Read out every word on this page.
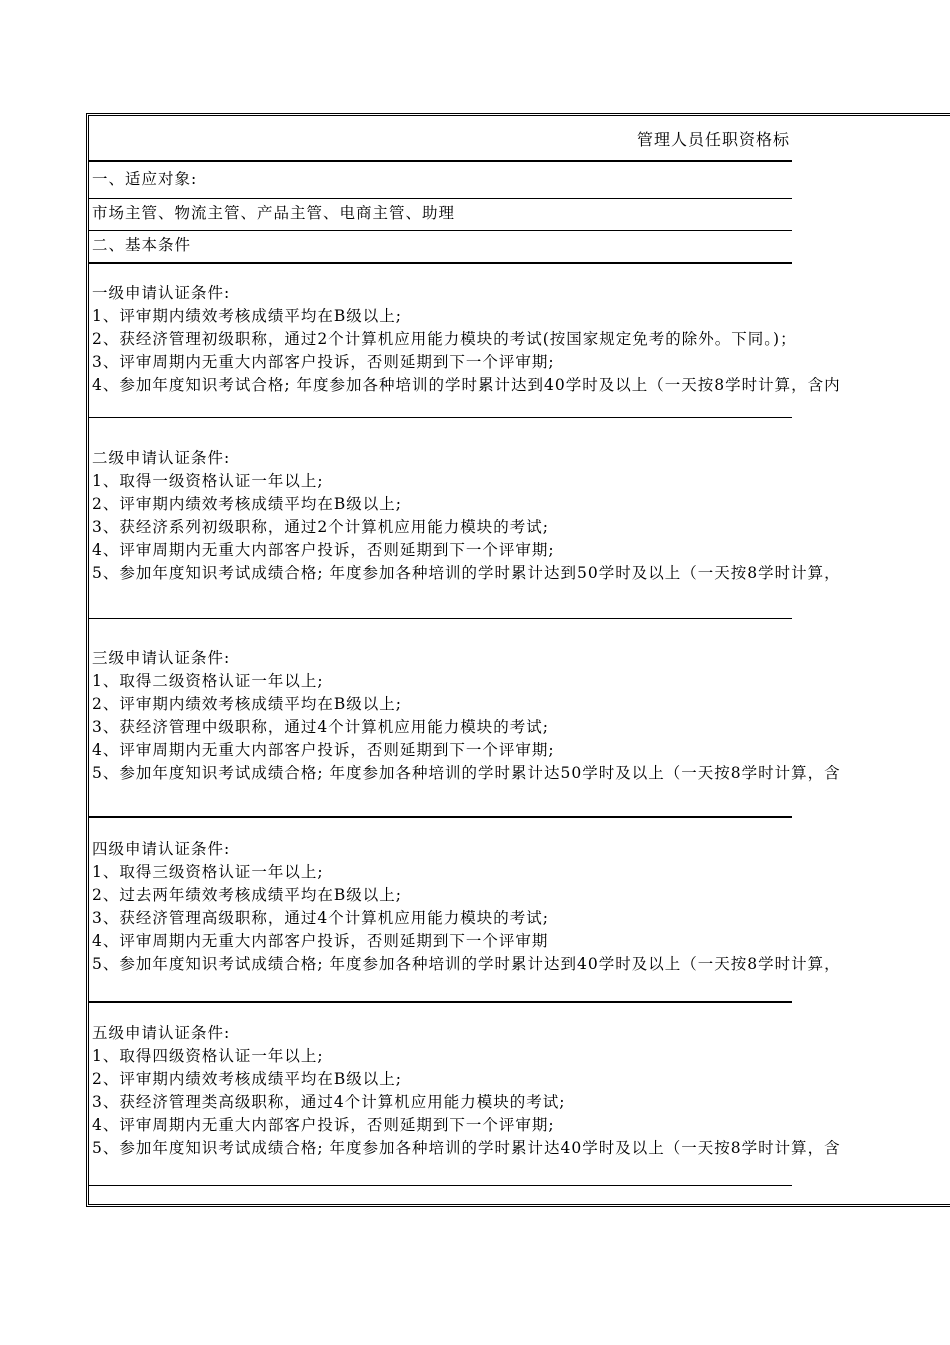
管理人员任职资格标
一、适应对象:
市场主管、物流主管、产品主管、电商主管、助理
二、基本条件
一级申请认证条件:
1、评审期内绩效考核成绩平均在B级以上;
2、获经济管理初级职称，通过2个计算机应用能力模块的考试(按国家规定免考的除外。下同。)；
3、评审周期内无重大内部客户投诉，否则延期到下一个评审期;
4、参加年度知识考试合格; 年度参加各种培训的学时累计达到40学时及以上（一天按8学时计算，含内
二级申请认证条件:
1、取得一级资格认证一年以上;
2、评审期内绩效考核成绩平均在B级以上;
3、获经济系列初级职称，通过2个计算机应用能力模块的考试;
4、评审周期内无重大内部客户投诉，否则延期到下一个评审期;
5、参加年度知识考试成绩合格; 年度参加各种培训的学时累计达到50学时及以上（一天按8学时计算，
三级申请认证条件:
1、取得二级资格认证一年以上;
2、评审期内绩效考核成绩平均在B级以上;
3、获经济管理中级职称，通过4个计算机应用能力模块的考试;
4、评审周期内无重大内部客户投诉，否则延期到下一个评审期;
5、参加年度知识考试成绩合格; 年度参加各种培训的学时累计达50学时及以上（一天按8学时计算，含
四级申请认证条件:
1、取得三级资格认证一年以上;
2、过去两年绩效考核成绩平均在B级以上;
3、获经济管理高级职称，通过4个计算机应用能力模块的考试;
4、评审周期内无重大内部客户投诉，否则延期到下一个评审期
5、参加年度知识考试成绩合格; 年度参加各种培训的学时累计达到40学时及以上（一天按8学时计算，
五级申请认证条件:
1、取得四级资格认证一年以上;
2、评审期内绩效考核成绩平均在B级以上;
3、获经济管理类高级职称，通过4个计算机应用能力模块的考试;
4、评审周期内无重大内部客户投诉，否则延期到下一个评审期;
5、参加年度知识考试成绩合格; 年度参加各种培训的学时累计达40学时及以上（一天按8学时计算，含
